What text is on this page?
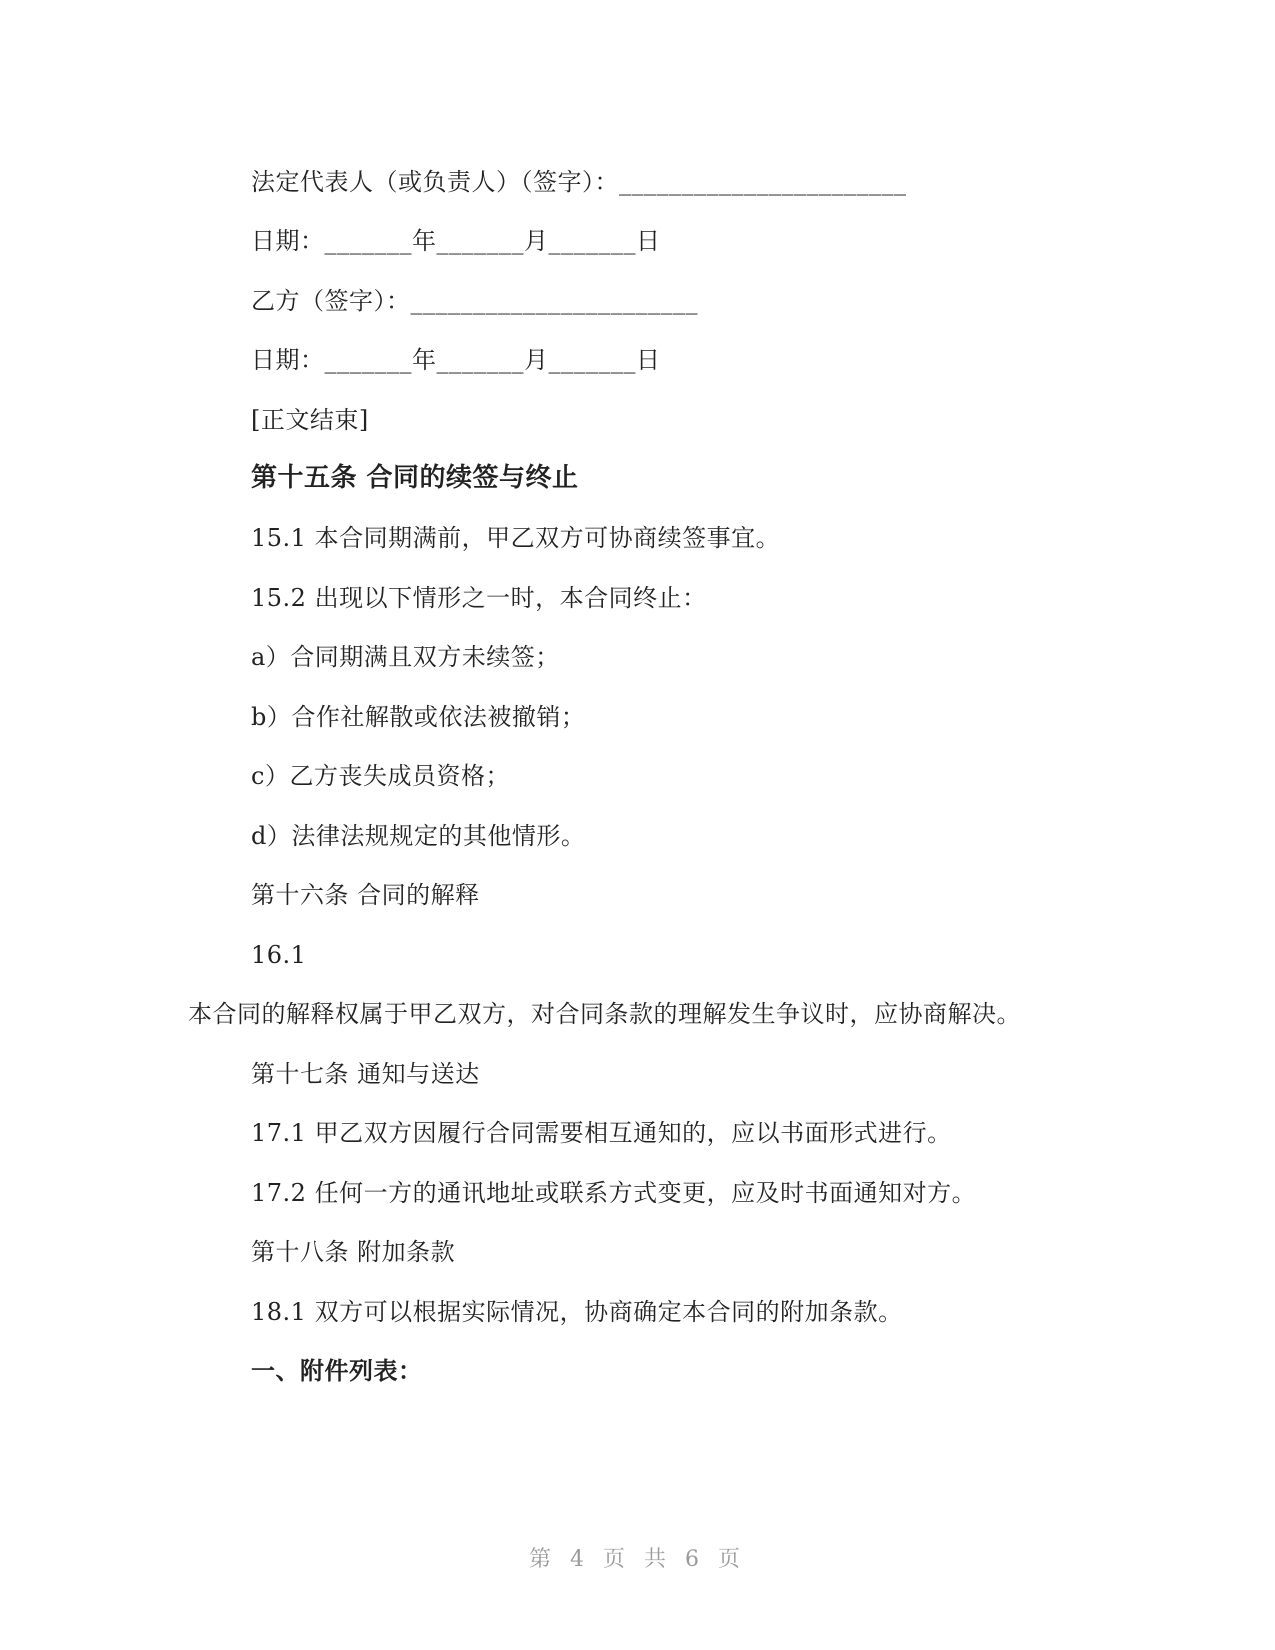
法定代表人（或负责人）（签字）：_______________________
日期：_______年_______月_______日
乙方（签字）：_______________________
日期：_______年_______月_______日
[正文结束]
第十五条 合同的续签与终止
15.1 本合同期满前，甲乙双方可协商续签事宜。
15.2 出现以下情形之一时，本合同终止：
a）合同期满且双方未续签；
b）合作社解散或依法被撤销；
c）乙方丧失成员资格；
d）法律法规规定的其他情形。
第十六条 合同的解释
16.1
本合同的解释权属于甲乙双方，对合同条款的理解发生争议时，应协商解决。
第十七条 通知与送达
17.1 甲乙双方因履行合同需要相互通知的，应以书面形式进行。
17.2 任何一方的通讯地址或联系方式变更，应及时书面通知对方。
第十八条 附加条款
18.1 双方可以根据实际情况，协商确定本合同的附加条款。
一、附件列表：
第 4 页 共 6 页
